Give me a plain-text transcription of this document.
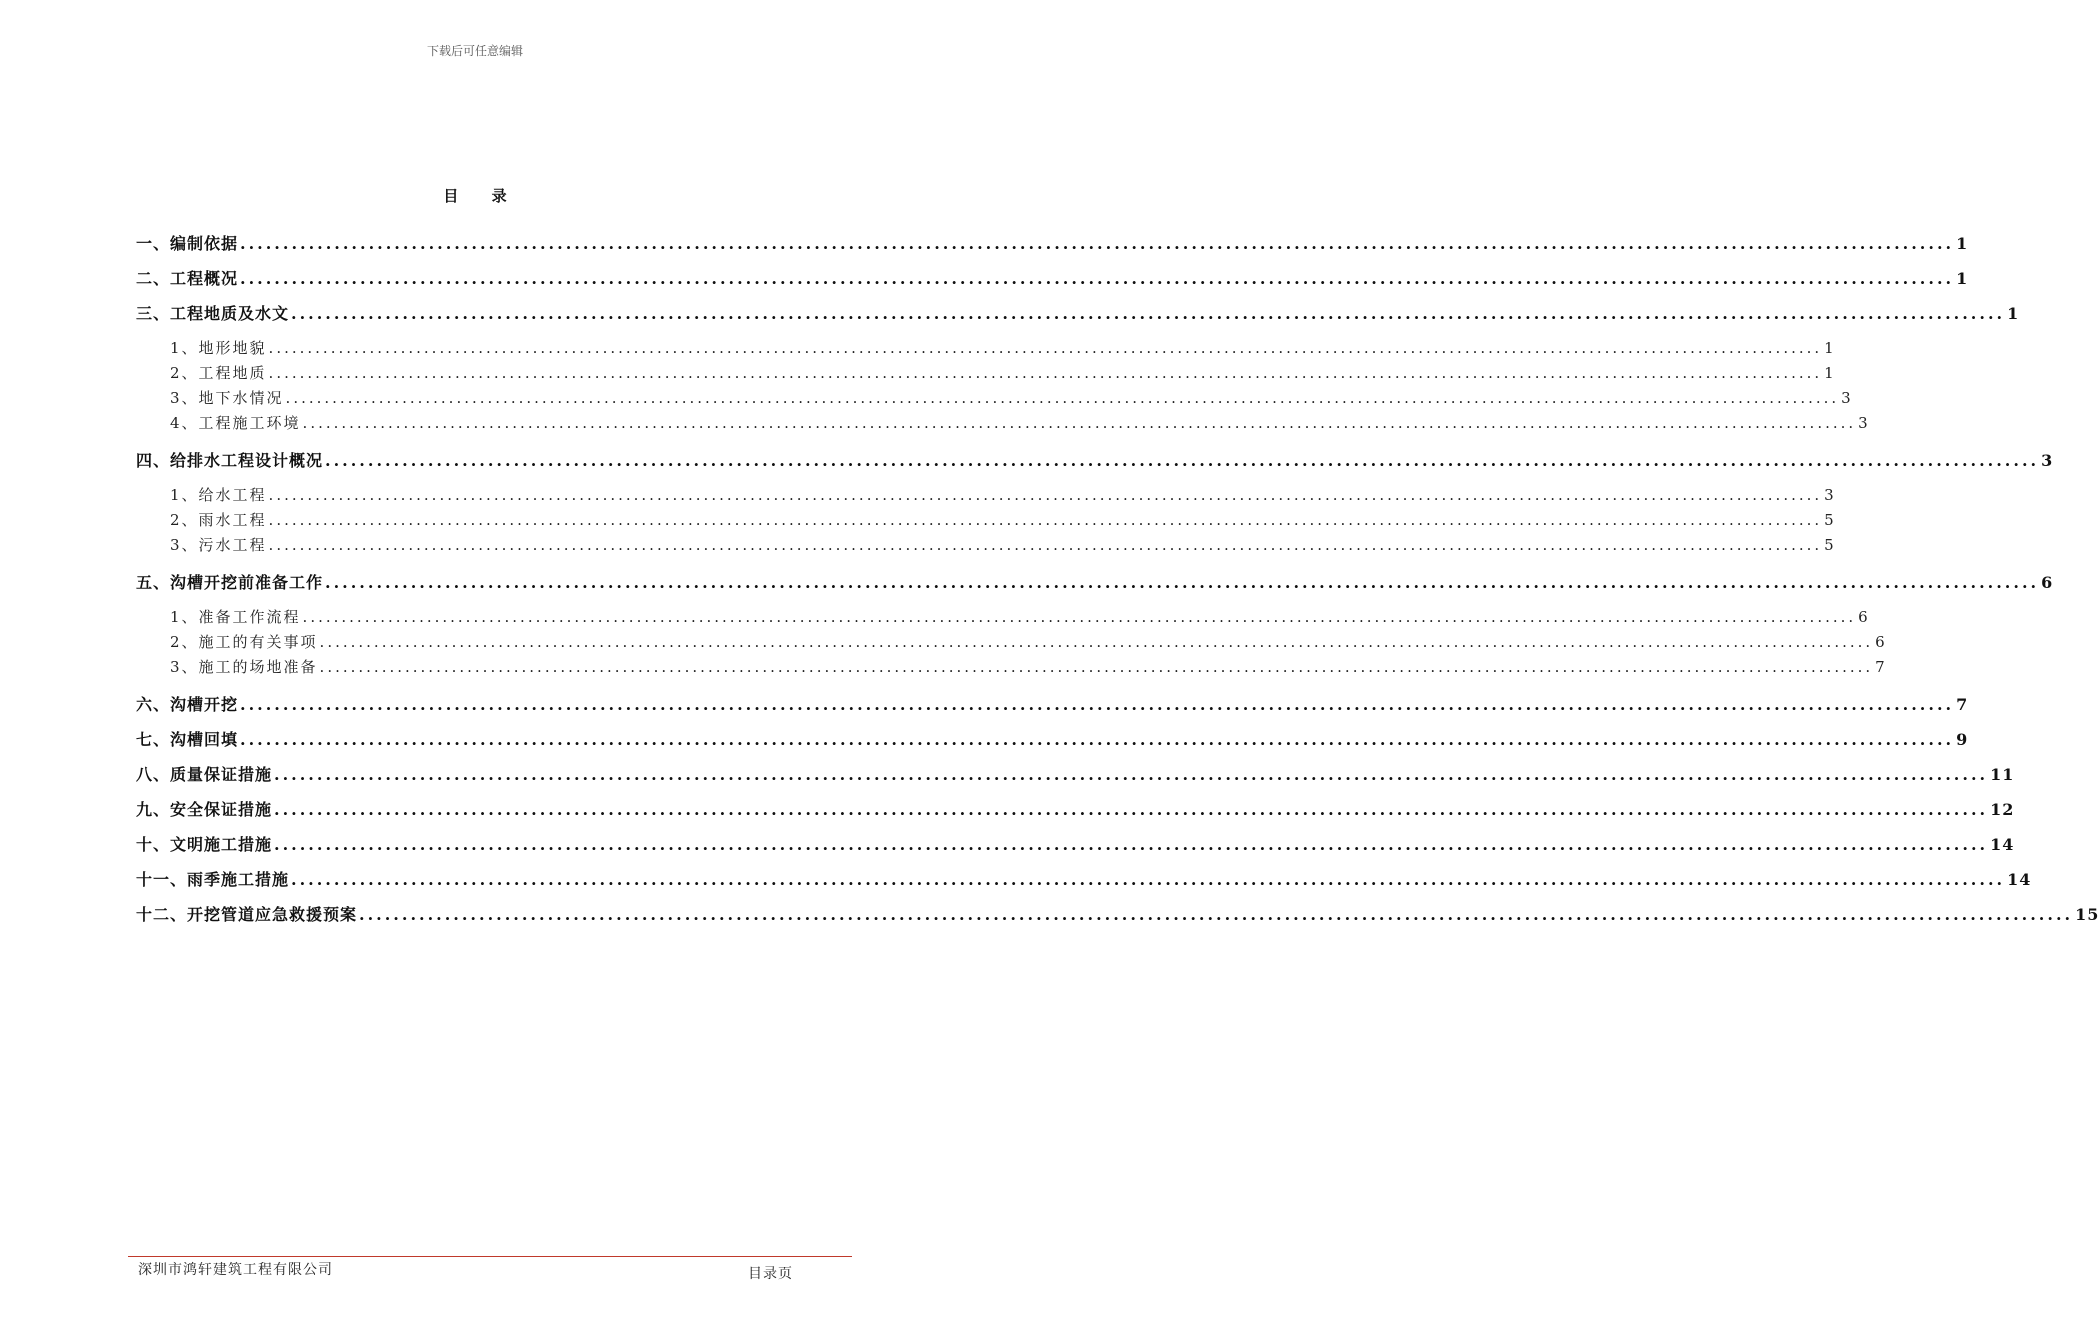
下载后可任意编辑
目 录
一、编制依据 ........................................................................................................................................................................................................ 1
二、工程概况 ........................................................................................................................................................................................................ 1
三、工程地质及水文 ........................................................................................................................................................................................................ 1
1、地形地貌 ........................................................................................................................................................................................................ 1
2、工程地质 ........................................................................................................................................................................................................ 1
3、地下水情况 ........................................................................................................................................................................................................ 3
4、工程施工环境 ........................................................................................................................................................................................................ 3
四、给排水工程设计概况 ........................................................................................................................................................................................................ 3
1、给水工程 ........................................................................................................................................................................................................ 3
2、雨水工程 ........................................................................................................................................................................................................ 5
3、污水工程 ........................................................................................................................................................................................................ 5
五、沟槽开挖前准备工作 ........................................................................................................................................................................................................ 6
1、准备工作流程 ........................................................................................................................................................................................................ 6
2、施工的有关事项 ........................................................................................................................................................................................................ 6
3、施工的场地准备 ........................................................................................................................................................................................................ 7
六、沟槽开挖 ........................................................................................................................................................................................................ 7
七、沟槽回填 ........................................................................................................................................................................................................ 9
八、质量保证措施 ........................................................................................................................................................................................................ 11
九、安全保证措施 ........................................................................................................................................................................................................ 12
十、文明施工措施 ........................................................................................................................................................................................................ 14
十一、雨季施工措施 ........................................................................................................................................................................................................ 14
十二、开挖管道应急救援预案 ........................................................................................................................................................................................................ 15
深圳市鸿轩建筑工程有限公司	目录页
